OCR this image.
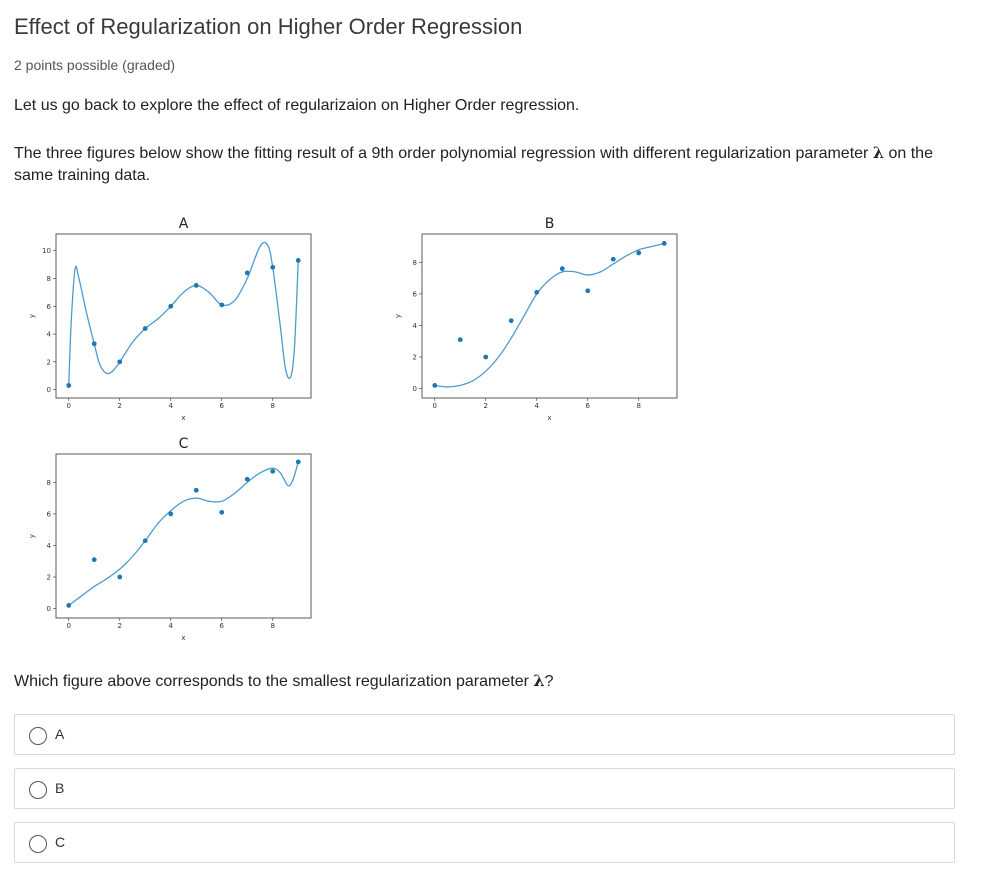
Effect of Regularization on Higher Order Regression
2 points possible (graded)
Let us go back to explore the effect of regularizaion on Higher Order regression.
The three figures below show the fitting result of a 9th order polynomial regression with different regularization parameter λ on the same training data.
A
0	2	4	6	8
0
2
4
6
8
10
x
y
B
0	2	4	6	8
0
2
4
6
8
x
y
C
0	2	4	6	8
0
2
4
6
8
x
y
Which figure above corresponds to the smallest regularization parameter λ?
A
B
C
